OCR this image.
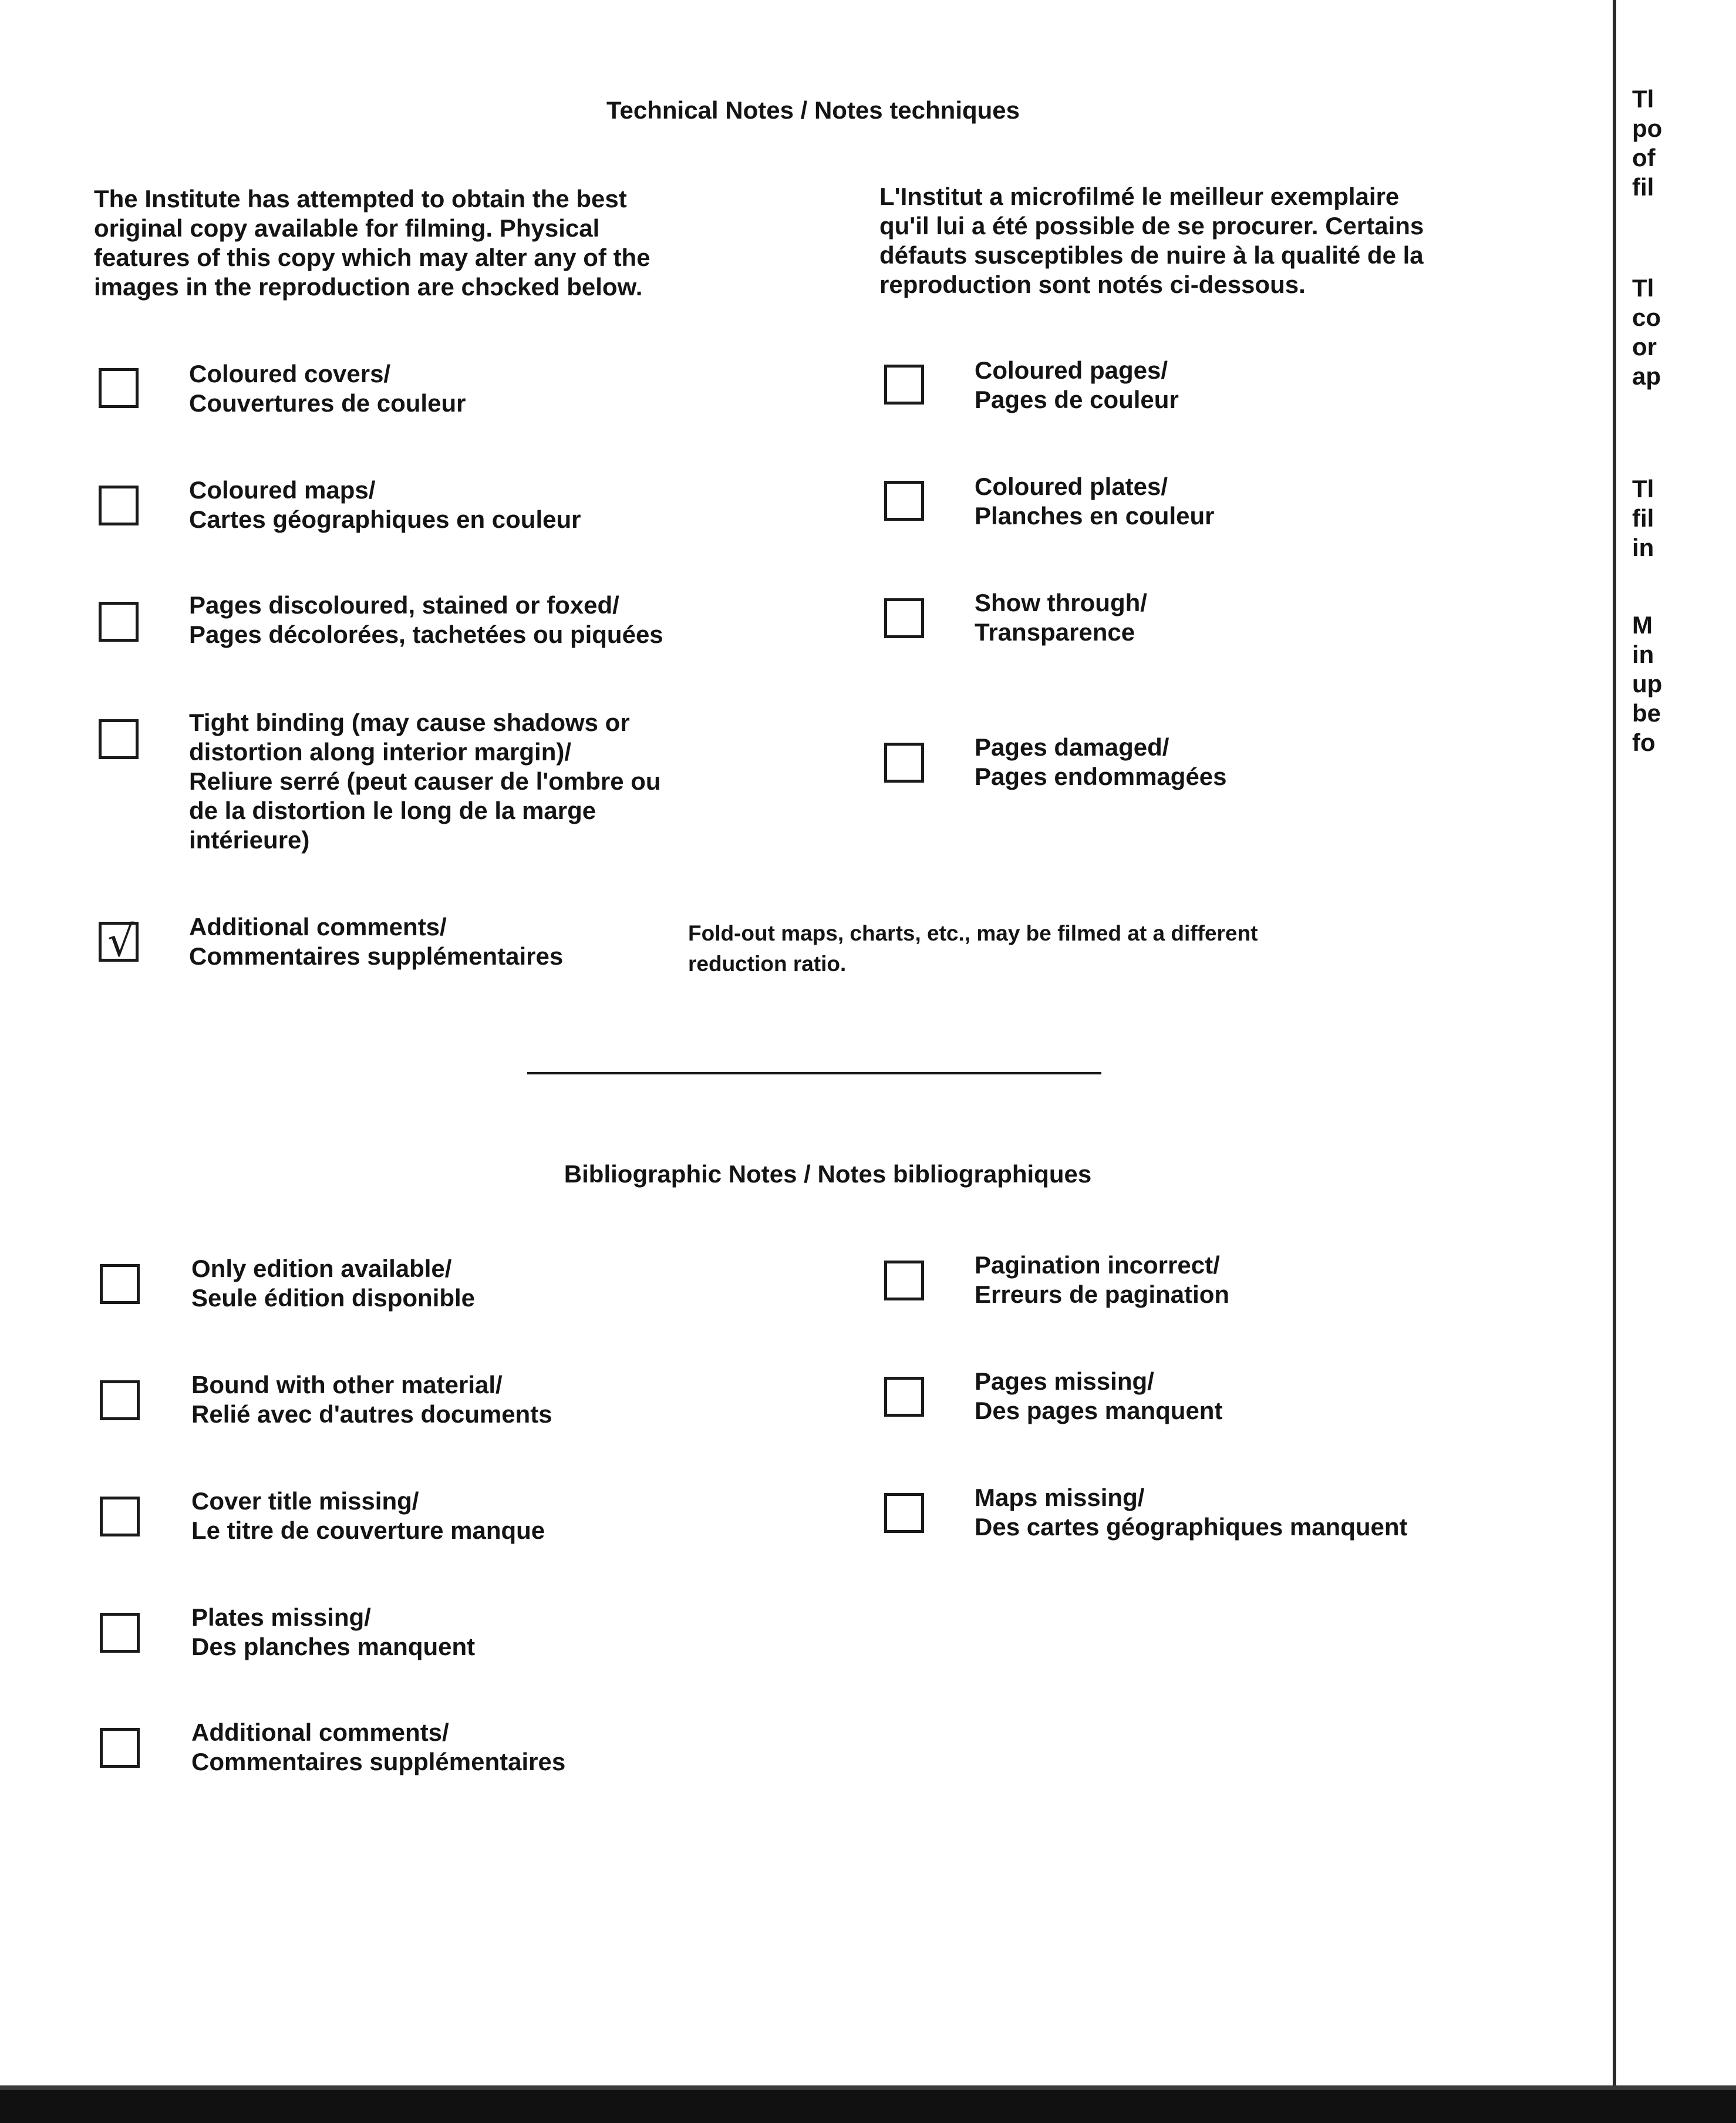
Technical Notes / Notes techniques
The Institute has attempted to obtain the best
original copy available for filming. Physical
features of this copy which may alter any of the
images in the reproduction are chɔcked below.
L'Institut a microfilmé le meilleur exemplaire
qu'il lui a été possible de se procurer. Certains
défauts susceptibles de nuire à la qualité de la
reproduction sont notés ci-dessous.
Coloured covers/
Couvertures de couleur
Coloured maps/
Cartes géographiques en couleur
Pages discoloured, stained or foxed/
Pages décolorées, tachetées ou piquées
Tight binding (may cause shadows or
distortion along interior margin)/
Reliure serré (peut causer de l'ombre ou
de la distortion le long de la marge
intérieure)
√
Additional comments/
Commentaires supplémentaires
Fold-out maps, charts, etc., may be filmed at a different
reduction ratio.
Coloured pages/
Pages de couleur
Coloured plates/
Planches en couleur
Show through/
Transparence
Pages damaged/
Pages endommagées
Bibliographic Notes / Notes bibliographiques
Only edition available/
Seule édition disponible
Bound with other material/
Relié avec d'autres documents
Cover title missing/
Le titre de couverture manque
Plates missing/
Des planches manquent
Additional comments/
Commentaires supplémentaires
Pagination incorrect/
Erreurs de pagination
Pages missing/
Des pages manquent
Maps missing/
Des cartes géographiques manquent
Tl
po
of
fil
Tl
co
or
ap
Tl
fil
in
M
in
up
be
fo
